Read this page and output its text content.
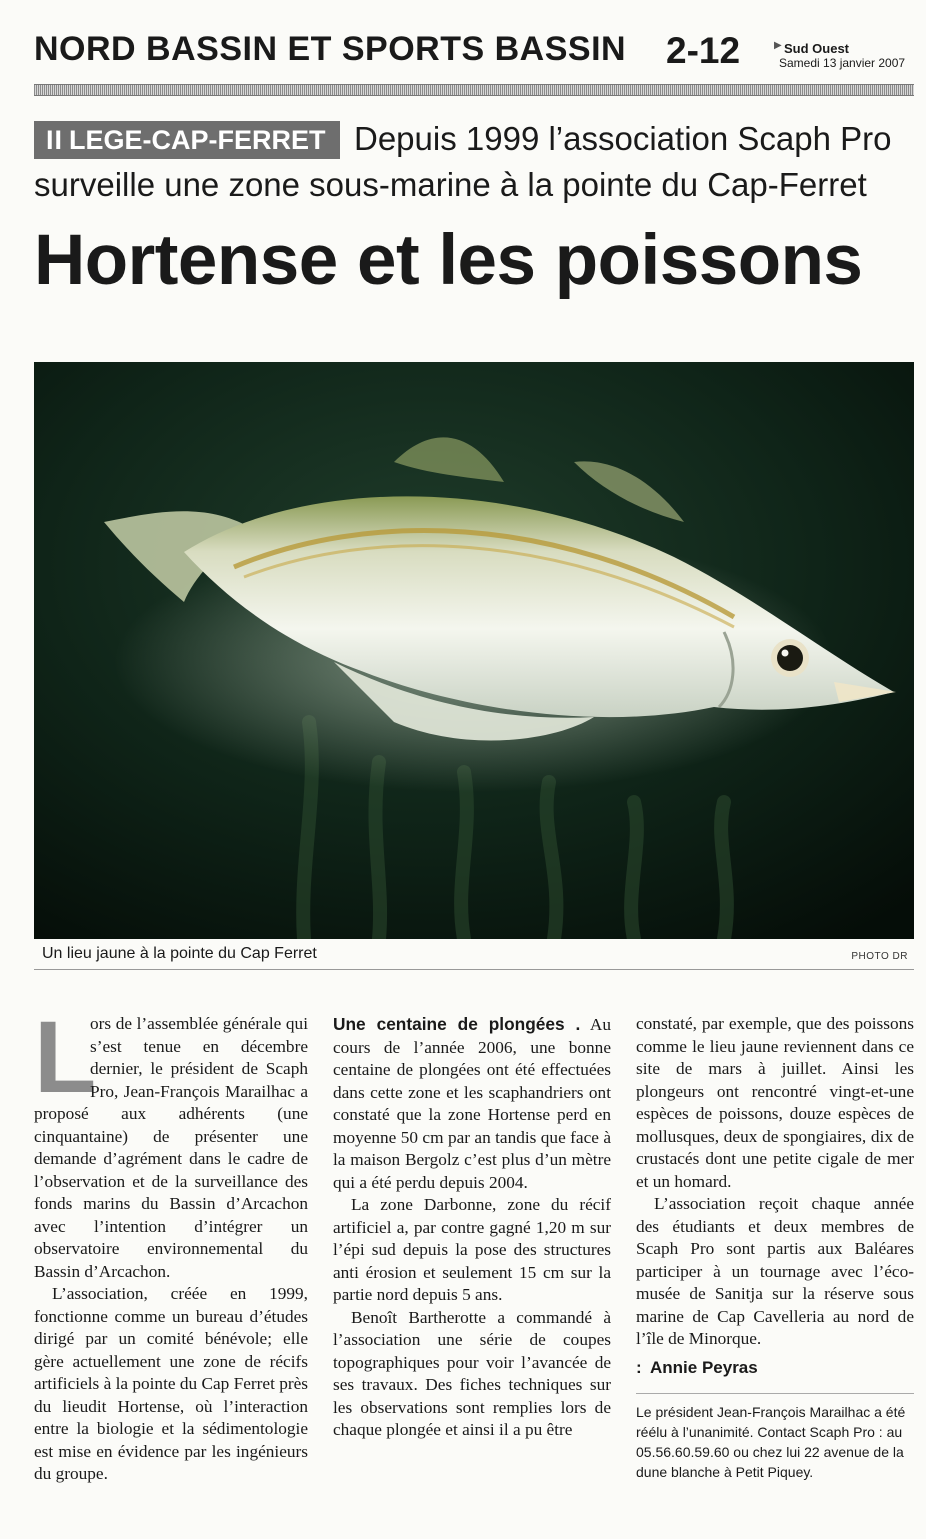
NORD BASSIN ET SPORTS BASSIN 2-12	▶ Sud Ouest
Samedi 13 janvier 2007
II LEGE-CAP-FERRET Depuis 1999 l’association Scaph Pro
surveille une zone sous-marine à la pointe du Cap-Ferret
Hortense et les poissons
Un lieu jaune à la pointe du Cap Ferret	PHOTO DR
L

ors de l’assemblée générale qui s’est tenue en décembre dernier, le président de Scaph Pro, Jean-François Marailhac a proposé aux adhérents (une cinquantaine) de présenter une demande d’agrément dans le cadre de l’observation et de la surveillance des fonds marins du Bassin d’Arcachon avec l’intention d’intégrer un observatoire environnemental du Bassin d’Arcachon.

L’association, créée en 1999, fonctionne comme un bureau d’études dirigé par un comité bénévole; elle gère actuellement une zone de récifs artificiels à la pointe du Cap Ferret près du lieudit Hortense, où l’interaction entre la biologie et la sédimentologie est mise en évidence par les ingénieurs du groupe.

Une centaine de plongées . Au cours de l’année 2006, une bonne centaine de plongées ont été effectuées dans cette zone et les scaphandriers ont constaté que la zone Hortense perd en moyenne 50 cm par an tandis que face à la maison Bergolz c’est plus d’un mètre qui a été perdu depuis 2004.

La zone Darbonne, zone du récif artificiel a, par contre gagné 1,20 m sur l’épi sud depuis la pose des structures anti érosion et seulement 15 cm sur la partie nord depuis 5 ans.

Benoît Bartherotte a commandé à l’association une série de coupes topographiques pour voir l’avancée de ses travaux. Des fiches techniques sur les observations sont remplies lors de chaque plongée et ainsi il a pu être

constaté, par exemple, que des poissons comme le lieu jaune reviennent dans ce site de mars à juillet. Ainsi les plongeurs ont rencontré vingt-et-une espèces de poissons, douze espèces de mollusques, deux de spongiaires, dix de crustacés dont une petite cigale de mer et un homard.

L’association reçoit chaque année des étudiants et deux membres de Scaph Pro sont partis aux Baléares participer à un tournage avec l’éco-musée de Sanitja sur la réserve sous marine de Cap Cavelleria au nord de l’île de Minorque.

: Annie Peyras
Le président Jean-François Marailhac a été réélu à l’unanimité. Contact Scaph Pro : au 05.56.60.59.60 ou chez lui 22 avenue de la dune blanche à Petit Piquey.
